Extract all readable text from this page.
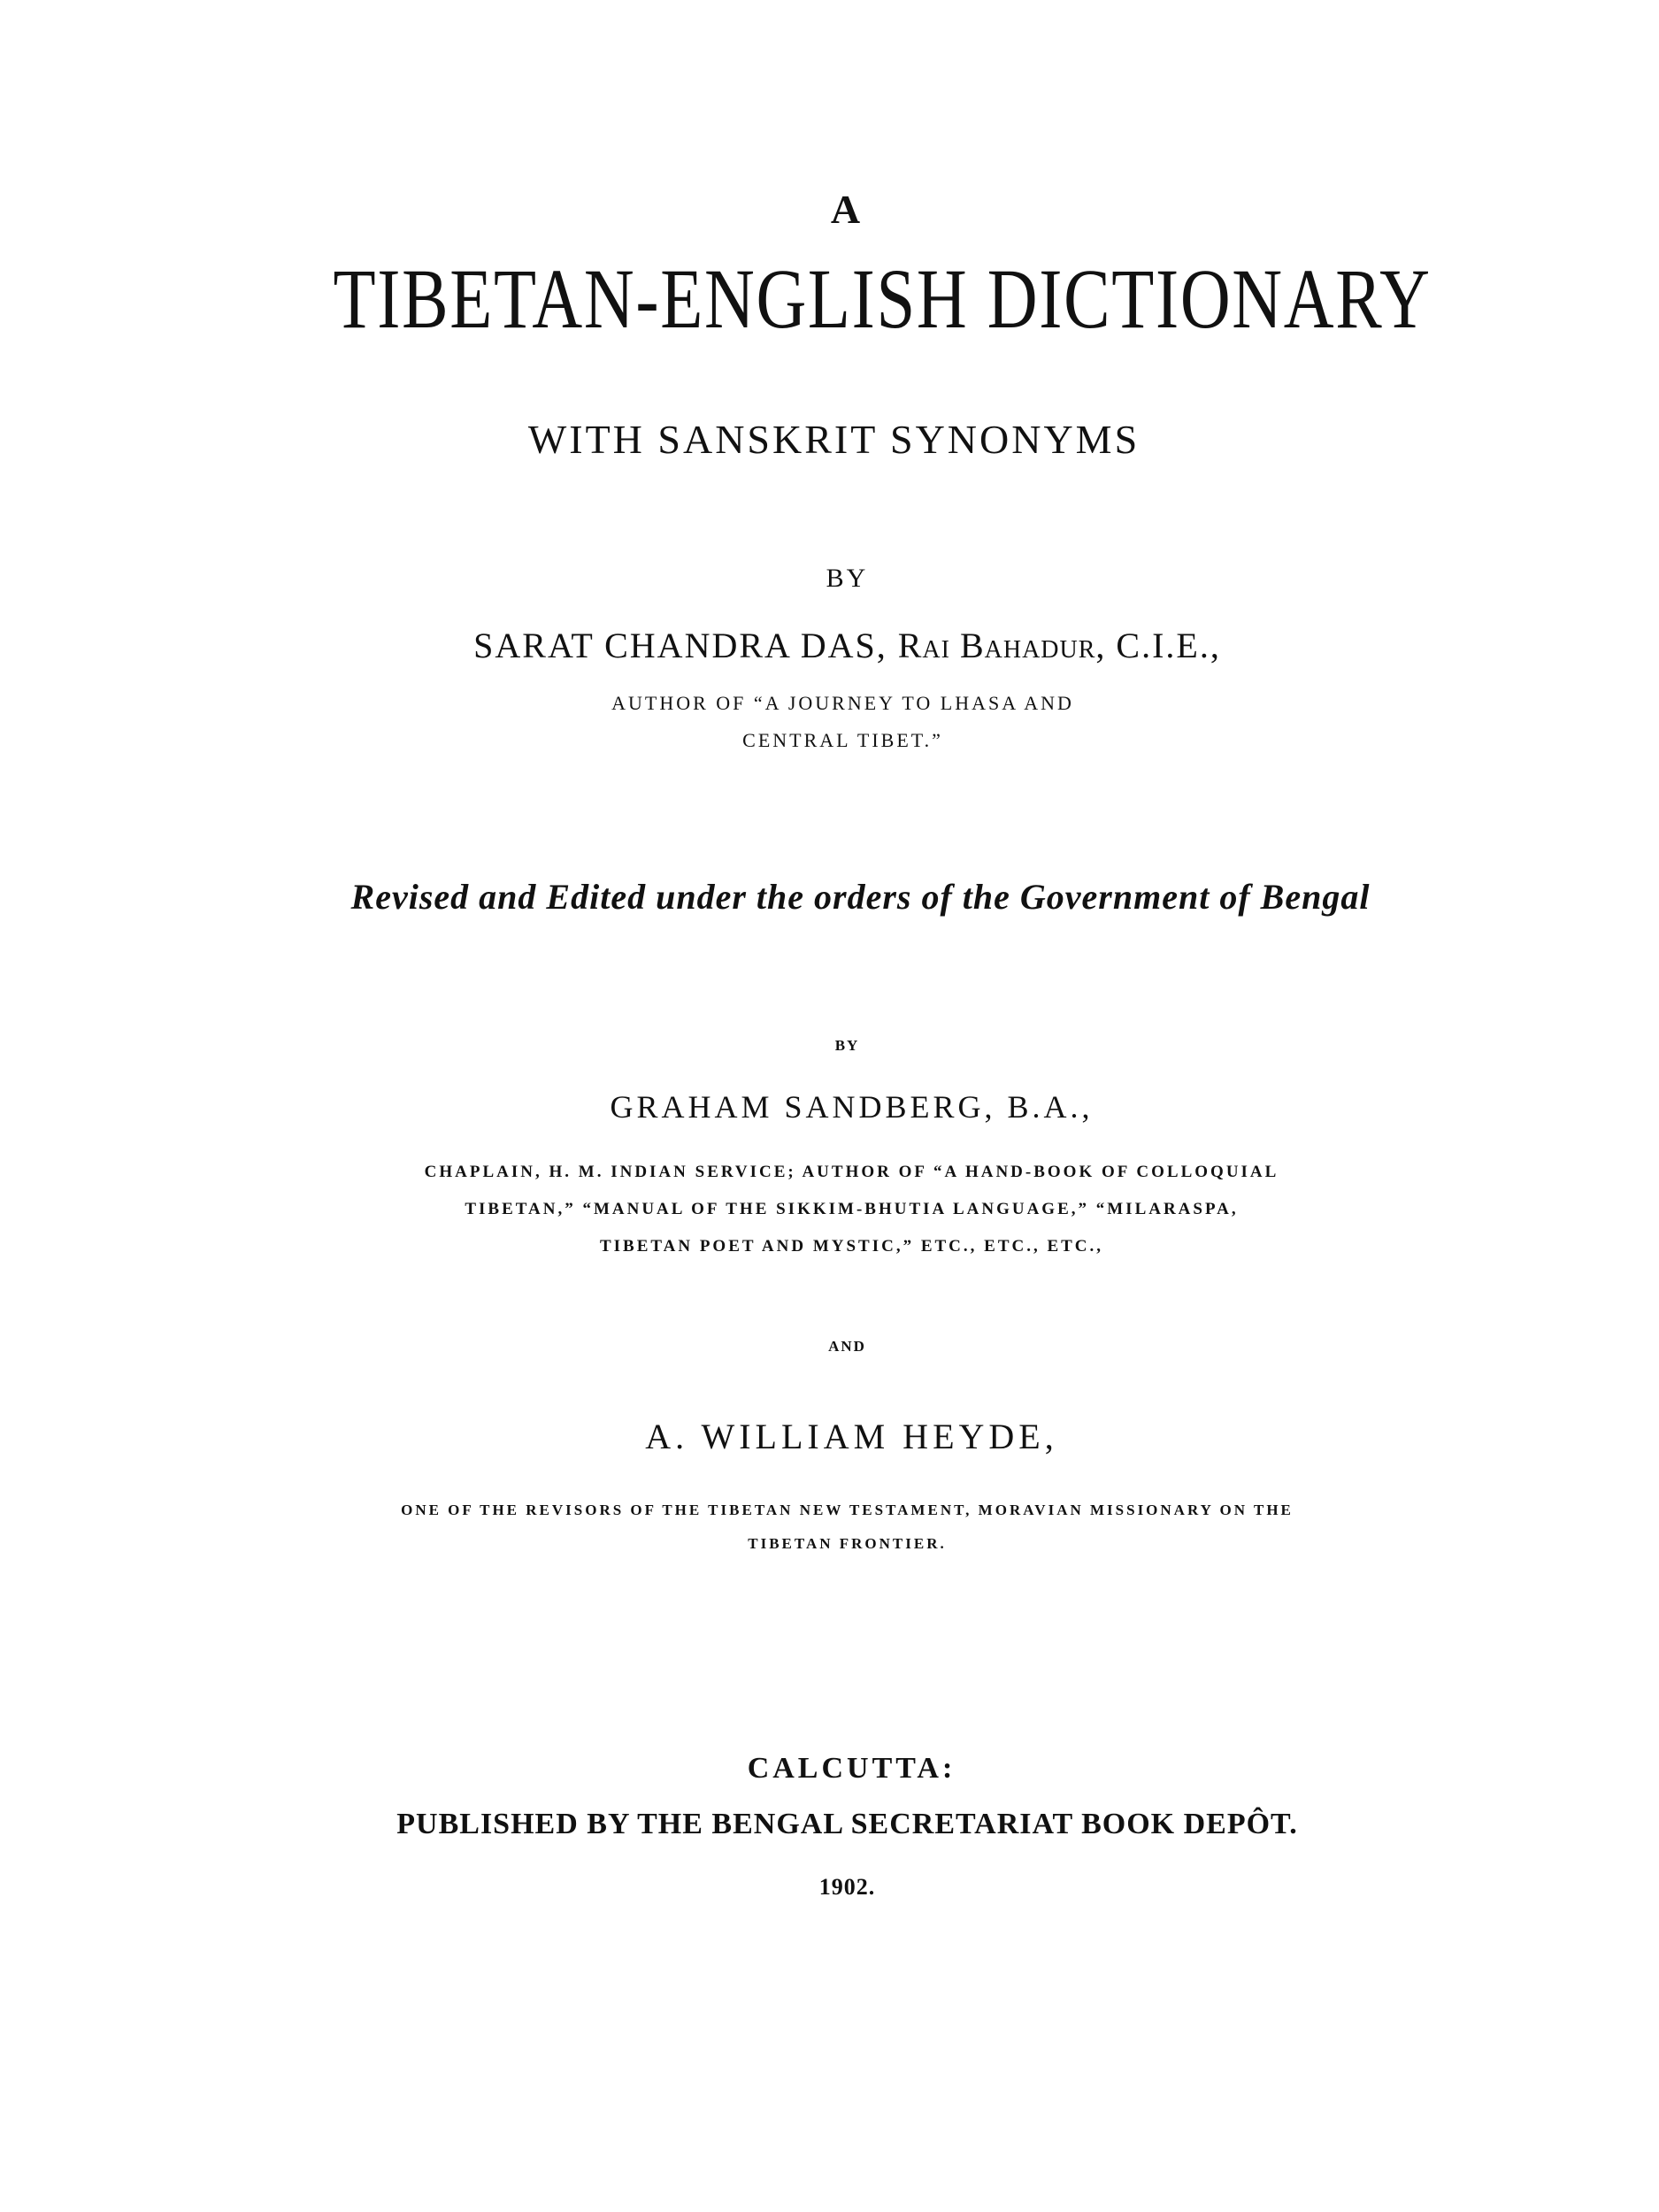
A

TIBETAN-ENGLISH DICTIONARY

WITH SANSKRIT SYNONYMS

BY

SARAT CHANDRA DAS, Rai Bahadur, C.I.E.,

AUTHOR OF “A JOURNEY TO LHASA AND

CENTRAL TIBET.”

Revised and Edited under the orders of the Government of Bengal

BY

GRAHAM SANDBERG, B.A.,

CHAPLAIN, H. M. INDIAN SERVICE; AUTHOR OF “A HAND-BOOK OF COLLOQUIAL

TIBETAN,” “MANUAL OF THE SIKKIM-BHUTIA LANGUAGE,” “MILARASPA,

TIBETAN POET AND MYSTIC,” ETC., ETC., ETC.,

AND

A. WILLIAM HEYDE,

ONE OF THE REVISORS OF THE TIBETAN NEW TESTAMENT, MORAVIAN MISSIONARY ON THE

TIBETAN FRONTIER.

CALCUTTA:

PUBLISHED BY THE BENGAL SECRETARIAT BOOK DEPÔT.

1902.
